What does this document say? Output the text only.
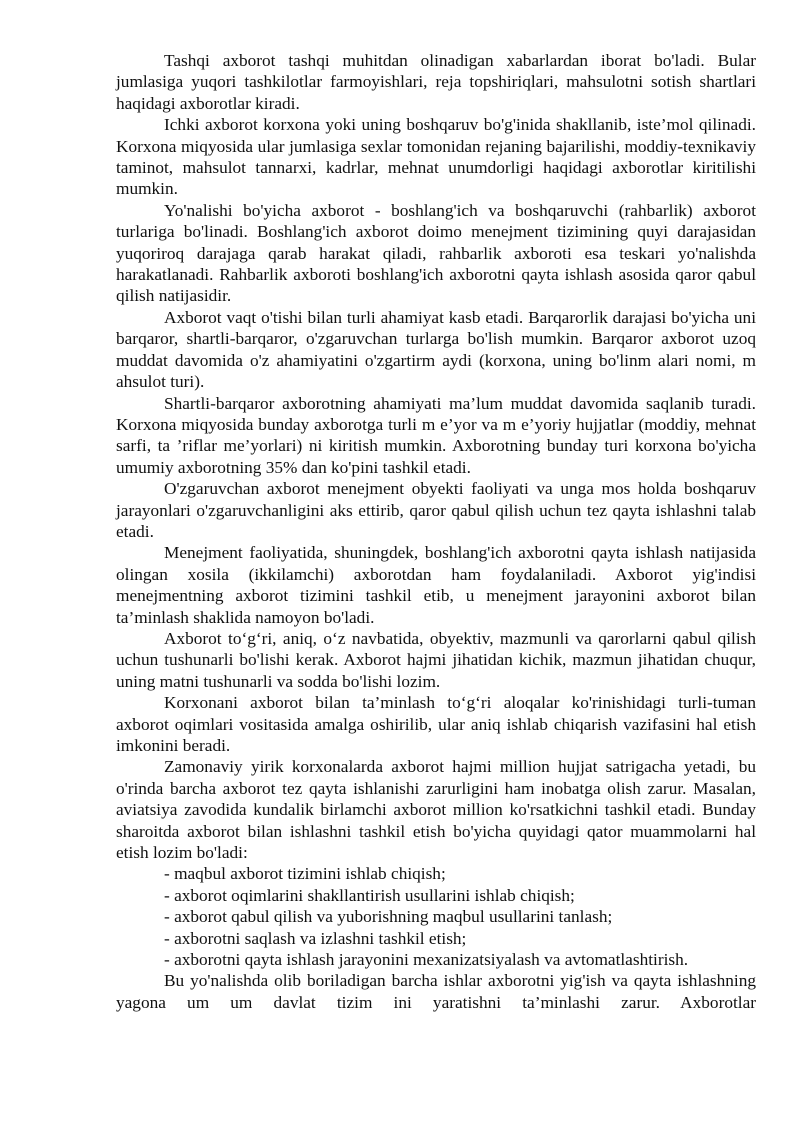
Tashqi axborot tashqi muhitdan olinadigan xabarlardan iborat bo'ladi. Bular jumlasiga yuqori tashkilotlar farmoyishlari, reja topshiriqlari, mahsulotni sotish shartlari haqidagi axborotlar kiradi.

Ichki axborot korxona yoki uning boshqaruv bo'g'inida shakllanib, iste’mol qilinadi. Korxona miqyosida ular jumlasiga sexlar tomonidan rejaning bajarilishi, moddiy-texnikaviy taminot, mahsulot tannarxi, kadrlar, mehnat unumdorligi haqidagi axborotlar kiritilishi mumkin.

Yo'nalishi bo'yicha axborot - boshlang'ich va boshqaruvchi (rahbarlik) axborot turlariga bo'linadi. Boshlang'ich axborot doimo menejment tizimining quyi darajasidan yuqoriroq darajaga qarab harakat qiladi, rahbarlik axboroti esa teskari yo'nalishda harakatlanadi. Rahbarlik axboroti boshlang'ich axborotni qayta ishlash asosida qaror qabul qilish natijasidir.

Axborot vaqt o'tishi bilan turli ahamiyat kasb etadi. Barqarorlik darajasi bo'yicha uni barqaror, shartli-barqaror, o'zgaruvchan turlarga bo'lish mumkin. Barqaror axborot uzoq muddat davomida o'z ahamiyatini o'zgartirm aydi (korxona, uning bo'linm alari nomi, m ahsulot turi).

Shartli-barqaror axborotning ahamiyati ma’lum muddat davomida saqlanib turadi. Korxona miqyosida bunday axborotga turli m e’yor va m e’yoriy hujjatlar (moddiy, mehnat sarfi, ta ’riflar me’yorlari) ni kiritish mumkin. Axborotning bunday turi korxona bo'yicha umumiy axborotning 35% dan ko'pini tashkil etadi.

O'zgaruvchan axborot menejment obyekti faoliyati va unga mos holda boshqaruv jarayonlari o'zgaruvchanligini aks ettirib, qaror qabul qilish uchun tez qayta ishlashni talab etadi.

Menejment faoliyatida, shuningdek, boshlang'ich axborotni qayta ishlash natijasida olingan xosila (ikkilamchi) axborotdan ham foydalaniladi. Axborot yig'indisi menejmentning axborot tizimini tashkil etib, u menejment jarayonini axborot bilan ta’minlash shaklida namoyon bo'ladi.

Axborot to‘g‘ri, aniq, o‘z navbatida, obyektiv, mazmunli va qarorlarni qabul qilish uchun tushunarli bo'lishi kerak. Axborot hajmi jihatidan kichik, mazmun jihatidan chuqur, uning matni tushunarli va sodda bo'lishi lozim.

Korxonani axborot bilan ta’minlash to‘g‘ri aloqalar ko'rinishidagi turli-tuman axborot oqimlari vositasida amalga oshirilib, ular aniq ishlab chiqarish vazifasini hal etish imkonini beradi.

Zamonaviy yirik korxonalarda axborot hajmi million hujjat satrigacha yetadi, bu o'rinda barcha axborot tez qayta ishlanishi zarurligini ham inobatga olish zarur. Masalan, aviatsiya zavodida kundalik birlamchi axborot million ko'rsatkichni tashkil etadi. Bunday sharoitda axborot bilan ishlashni tashkil etish bo'yicha quyidagi qator muammolarni hal etish lozim bo'ladi:

- maqbul axborot tizimini ishlab chiqish;
- axborot oqimlarini shakllantirish usullarini ishlab chiqish;
- axborot qabul qilish va yuborishning maqbul usullarini tanlash;
- axborotni saqlash va izlashni tashkil etish;
- axborotni qayta ishlash jarayonini mexanizatsiyalash va avtomatlashtirish.

Bu yo'nalishda olib boriladigan barcha ishlar axborotni yig'ish va qayta ishlashning yagona um um davlat tizim ini yaratishni ta’minlashi zarur. Axborotlar
